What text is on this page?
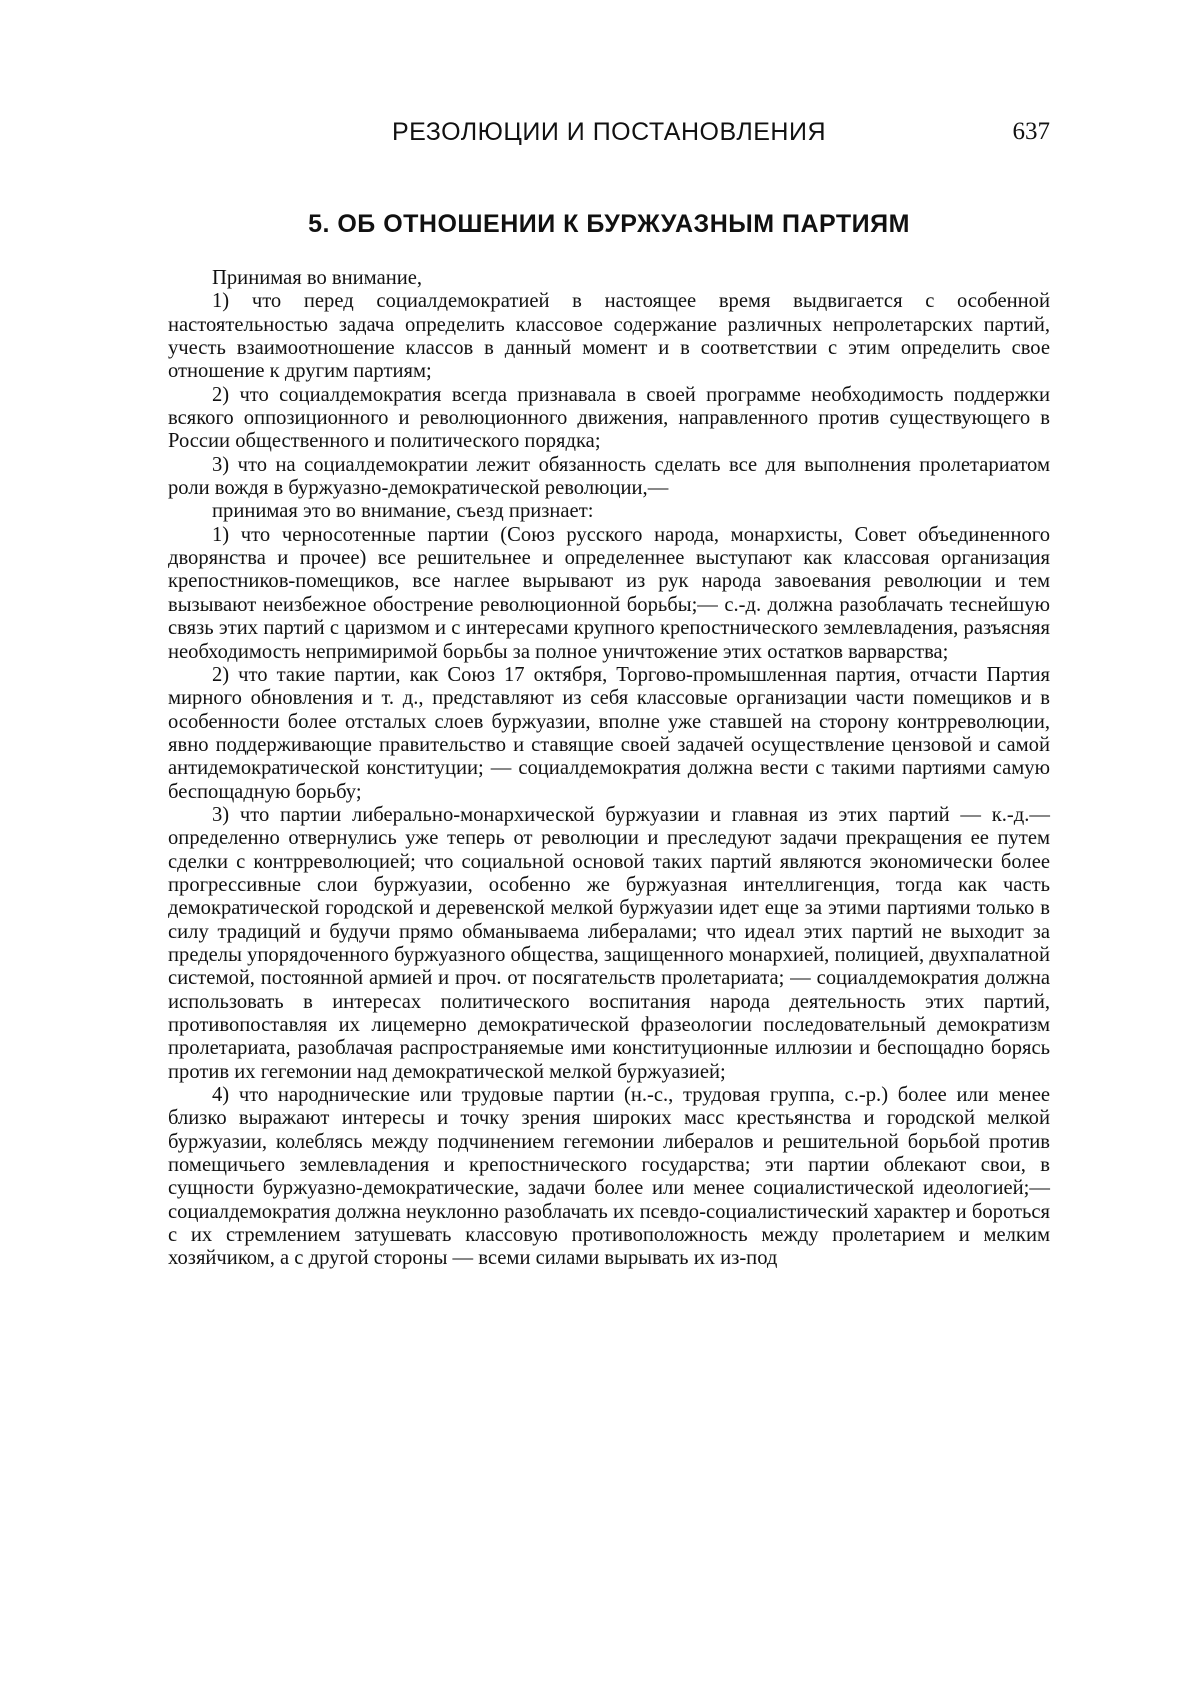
РЕЗОЛЮЦИИ И ПОСТАНОВЛЕНИЯ	637
5. ОБ ОТНОШЕНИИ К БУРЖУАЗНЫМ ПАРТИЯМ

Принимая во внимание,

1) что перед социалдемократией в настоящее время выдвигается с особенной настоятельностью задача определить классовое содержание различных непролетарских партий, учесть взаимоотношение классов в данный момент и в соответствии с этим определить свое отношение к другим партиям;

2) что социалдемократия всегда признавала в своей программе необходимость поддержки всякого оппозиционного и революционного движения, направленного против существующего в России общественного и политического порядка;

3) что на социалдемократии лежит обязанность сделать все для выполнения пролетариатом роли вождя в буржуазно-демократической революции,—

принимая это во внимание, съезд признает:

1) что черносотенные партии (Союз русского народа, монархисты, Совет объединенного дворянства и прочее) все решительнее и определеннее выступают как классовая организация крепостников-помещиков, все наглее вырывают из рук народа завоевания революции и тем вызывают неизбежное обострение революционной борьбы;— с.-д. должна разоблачать теснейшую связь этих партий с царизмом и с интересами крупного крепостнического землевладения, разъясняя необходимость непримиримой борьбы за полное уничтожение этих остатков варварства;

2) что такие партии, как Союз 17 октября, Торгово-промышленная партия, отчасти Партия мирного обновления и т. д., представляют из себя классовые организации части помещиков и в особенности более отсталых слоев буржуазии, вполне уже ставшей на сторону контрреволюции, явно поддерживающие правительство и ставящие своей задачей осуществление цензовой и самой антидемократической конституции; — социалдемократия должна вести с такими партиями самую беспощадную борьбу;

3) что партии либерально-монархической буржуазии и главная из этих партий — к.-д.— определенно отвернулись уже теперь от революции и преследуют задачи прекращения ее путем сделки с контрреволюцией; что социальной основой таких партий являются экономически более прогрессивные слои буржуазии, особенно же буржуазная интеллигенция, тогда как часть демократической городской и деревенской мелкой буржуазии идет еще за этими партиями только в силу традиций и будучи прямо обманываема либералами; что идеал этих партий не выходит за пределы упорядоченного буржуазного общества, защищенного монархией, полицией, двухпалатной системой, постоянной армией и проч. от посягательств пролетариата; — социалдемократия должна использовать в интересах политического воспитания народа деятельность этих партий, противопоставляя их лицемерно демократической фразеологии последовательный демократизм пролетариата, разоблачая распространяемые ими конституционные иллюзии и беспощадно борясь против их гегемонии над демократической мелкой буржуазией;

4) что народнические или трудовые партии (н.-с., трудовая группа, с.-р.) более или менее близко выражают интересы и точку зрения широких масс крестьянства и городской мелкой буржуазии, колеблясь между подчинением гегемонии либералов и решительной борьбой против помещичьего землевладения и крепостнического государства; эти партии облекают свои, в сущности буржуазно-демократические, задачи более или менее социалистической идеологией;—социалдемократия должна неуклонно разоблачать их псевдо-социалистический характер и бороться с их стремлением затушевать классовую противоположность между пролетарием и мелким хозяйчиком, а с другой стороны — всеми силами вырывать их из-под
